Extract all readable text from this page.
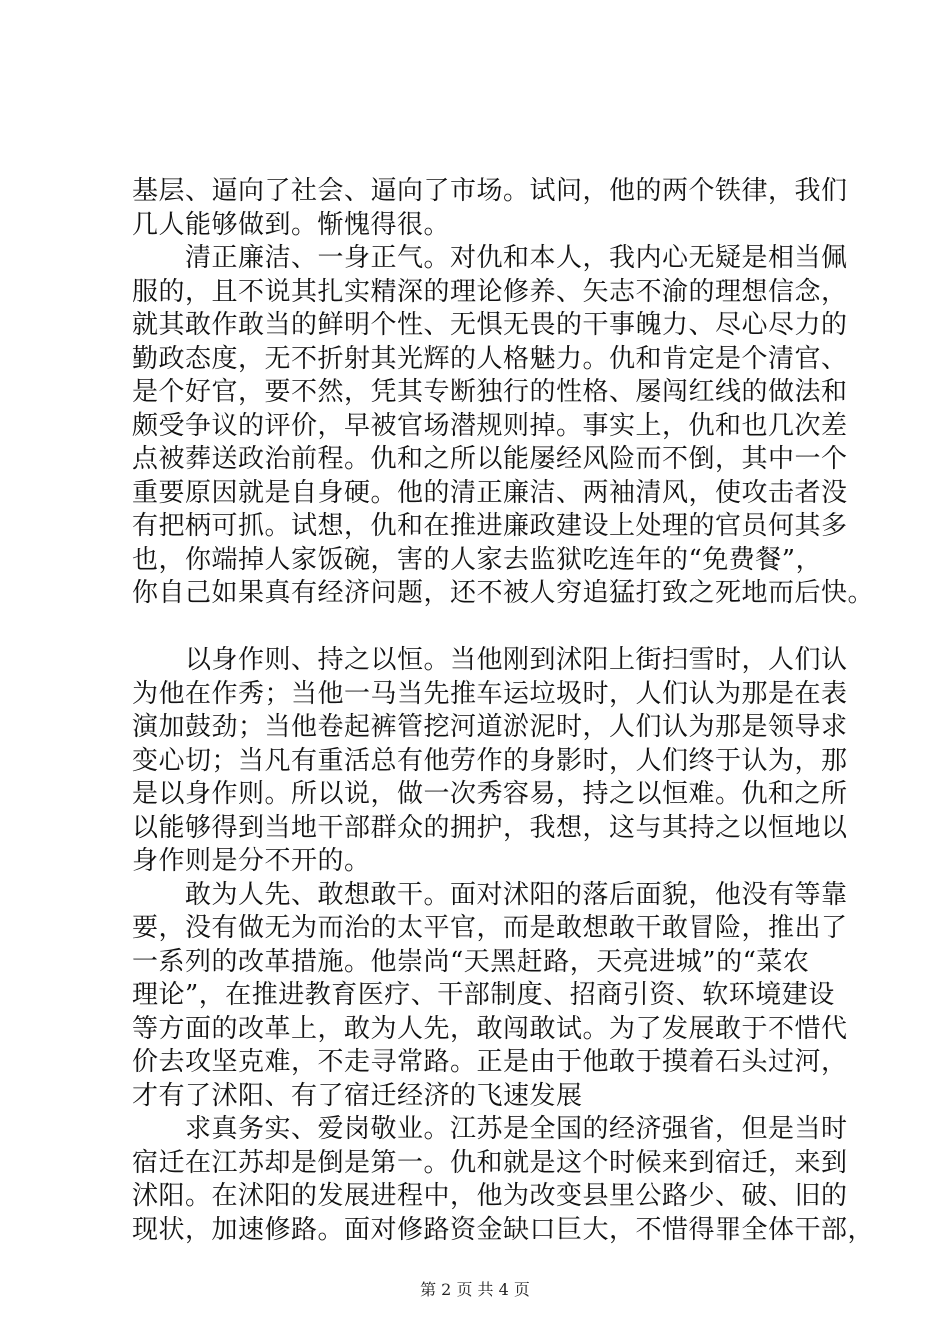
基层、逼向了社会、逼向了市场。试问，他的两个铁律，我们
几人能够做到。惭愧得很。
　　清正廉洁、一身正气。对仇和本人，我内心无疑是相当佩
服的，且不说其扎实精深的理论修养、矢志不渝的理想信念，
就其敢作敢当的鲜明个性、无惧无畏的干事魄力、尽心尽力的
勤政态度，无不折射其光辉的人格魅力。仇和肯定是个清官、
是个好官，要不然，凭其专断独行的性格、屡闯红线的做法和
颇受争议的评价，早被官场潜规则掉。事实上，仇和也几次差
点被葬送政治前程。仇和之所以能屡经风险而不倒，其中一个
重要原因就是自身硬。他的清正廉洁、两袖清风，使攻击者没
有把柄可抓。试想，仇和在推进廉政建设上处理的官员何其多
也，你端掉人家饭碗，害的人家去监狱吃连年的“免费餐”，
你自己如果真有经济问题，还不被人穷追猛打致之死地而后快。
　　以身作则、持之以恒。当他刚到沭阳上街扫雪时，人们认
为他在作秀；当他一马当先推车运垃圾时，人们认为那是在表
演加鼓劲；当他卷起裤管挖河道淤泥时，人们认为那是领导求
变心切；当凡有重活总有他劳作的身影时，人们终于认为，那
是以身作则。所以说，做一次秀容易，持之以恒难。仇和之所
以能够得到当地干部群众的拥护，我想，这与其持之以恒地以
身作则是分不开的。
　　敢为人先、敢想敢干。面对沭阳的落后面貌，他没有等靠
要，没有做无为而治的太平官，而是敢想敢干敢冒险，推出了
一系列的改革措施。他崇尚“天黑赶路，天亮进城”的“菜农
理论”，在推进教育医疗、干部制度、招商引资、软环境建设
等方面的改革上，敢为人先，敢闯敢试。为了发展敢于不惜代
价去攻坚克难，不走寻常路。正是由于他敢于摸着石头过河，
才有了沭阳、有了宿迁经济的飞速发展
　　求真务实、爱岗敬业。江苏是全国的经济强省，但是当时
宿迁在江苏却是倒是第一。仇和就是这个时候来到宿迁，来到
沭阳。在沭阳的发展进程中，他为改变县里公路少、破、旧的
现状，加速修路。面对修路资金缺口巨大，不惜得罪全体干部，
第 2 页 共 4 页
